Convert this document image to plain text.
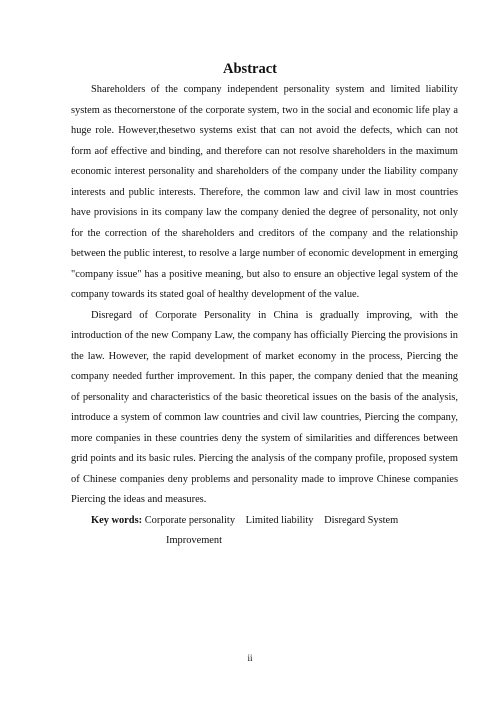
Abstract

Shareholders of the company independent personality system and limited liability system as thecornerstone of the corporate system, two in the social and economic life play a huge role. However,thesetwo systems exist that can not avoid the defects, which can not form aof effective and binding, and therefore can not resolve shareholders in the maximum economic interest personality and shareholders of the company under the liability company interests and public interests. Therefore, the common law and civil law in most countries have provisions in its company law the company denied the degree of personality, not only for the correction of the shareholders and creditors of the company and the relationship between the public interest, to resolve a large number of economic development in emerging "company issue" has a positive meaning, but also to ensure an objective legal system of the company towards its stated goal of healthy development of the value.

Disregard of Corporate Personality in China is gradually improving, with the introduction of the new Company Law, the company has officially Piercing the provisions in the law. However, the rapid development of market economy in the process, Piercing the company needed further improvement. In this paper, the company denied that the meaning of personality and characteristics of the basic theoretical issues on the basis of the analysis, introduce a system of common law countries and civil law countries, Piercing the company, more companies in these countries deny the system of similarities and differences between grid points and its basic rules. Piercing the analysis of the company profile, proposed system of Chinese companies deny problems and personality made to improve Chinese companies Piercing the ideas and measures.

Key words: Corporate personality Limited liability Disregard System
Improvement

ii
